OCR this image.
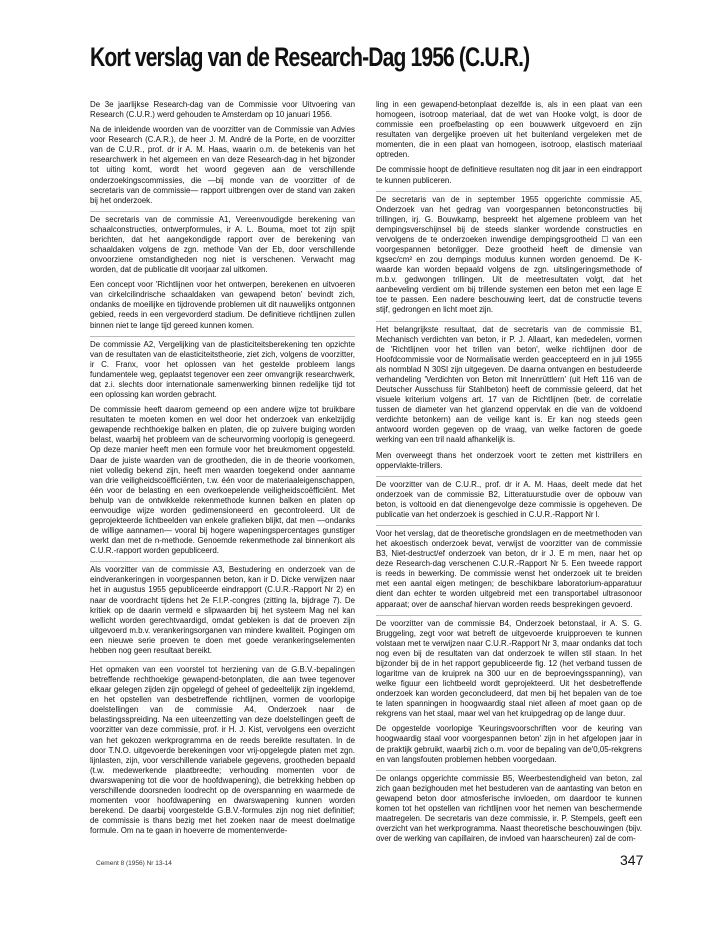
Kort verslag van de Research-Dag 1956 (C.U.R.)

De 3e jaarlijkse Research-dag van de Commissie voor Uitvoering van Research (C.U.R.) werd gehouden te Amsterdam op 10 januari 1956.

Na de inleidende woorden van de voorzitter van de Commissie van Advies voor Research (C.A.R.), de heer J. M. André de la Porte, en de voorzitter van de C.U.R., prof. dr ir A. M. Haas, waarin o.m. de betekenis van het researchwerk in het algemeen en van deze Research-dag in het bijzonder tot uiting komt, wordt het woord gegeven aan de verschillende onderzoekingscommissies, die —bij monde van de voorzitter of de secretaris van de commissie— rapport uitbrengen over de stand van zaken bij het onderzoek.

De secretaris van de commissie A1, Vereenvoudigde berekening van schaalconstructies, ontwerpformules, ir A. L. Bouma, moet tot zijn spijt berichten, dat het aangekondigde rapport over de berekening van schaaldaken volgens de zgn. methode Van der Eb, door verschillende onvoorziene omstandigheden nog niet is verschenen. Verwacht mag worden, dat de publicatie dit voorjaar zal uitkomen.

Een concept voor 'Richtlijnen voor het ontwerpen, berekenen en uitvoeren van cirkelcilindrische schaaldaken van gewapend beton' bevindt zich, ondanks de moeilijke en tijdrovende problemen uit dit nauwelijks ontgonnen gebied, reeds in een vergevorderd stadium. De definitieve richtlijnen zullen binnen niet te lange tijd gereed kunnen komen.

De commissie A2, Vergelijking van de plasticiteitsberekening ten opzichte van de resultaten van de elasticiteitstheorie, ziet zich, volgens de voorzitter, ir C. Franx, voor het oplossen van het gestelde probleem langs fundamentele weg, geplaatst tegenover een zeer omvangrijk researchwerk, dat z.i. slechts door internationale samenwerking binnen redelijke tijd tot een oplossing kan worden gebracht.

De commissie heeft daarom gemeend op een andere wijze tot bruikbare resultaten te moeten komen en wel door het onderzoek van enkelzijdig gewapende rechthoekige balken en platen, die op zuivere buiging worden belast, waarbij het probleem van de scheurvorming voorlopig is genegeerd. Op deze manier heeft men een formule voor het breukmoment opgesteld. Daar de juiste waarden van de grootheden, die in de theorie voorkomen, niet volledig bekend zijn, heeft men waarden toegekend onder aanname van drie veiligheidscoëfficiënten, t.w. één voor de materiaaleigenschappen, één voor de belasting en een overkoepelende veiligheidscoëfficiënt. Met behulp van de ontwikkelde rekenmethode kunnen balken en platen op eenvoudige wijze worden gedimensioneerd en gecontroleerd. Uit de geprojekteerde lichtbeelden van enkele grafieken blijkt, dat men —ondanks de willige aannamen— vooral bij hogere wapeningspercentages gunstiger werkt dan met de n-methode. Genoemde rekenmethode zal binnenkort als C.U.R.-rapport worden gepubliceerd.

Als voorzitter van de commissie A3, Bestudering en onderzoek van de eindverankeringen in voorgespannen beton, kan ir D. Dicke verwijzen naar het in augustus 1955 gepubliceerde eindrapport (C.U.R.-Rapport Nr 2) en naar de voordracht tijdens het 2e F.I.P.-congres (zitting Ia, bijdrage 7). De kritiek op de daarin vermeld e slipwaarden bij het systeem Mag nel kan wellicht worden gerechtvaardigd, omdat gebleken is dat de proeven zijn uitgevoerd m.b.v. verankeringsorganen van mindere kwaliteit. Pogingen om een nieuwe serie proeven te doen met goede verankeringselementen hebben nog geen resultaat bereikt.

Het opmaken van een voorstel tot herziening van de G.B.V.-bepalingen betreffende rechthoekige gewapend-betonplaten, die aan twee tegenover elkaar gelegen zijden zijn opgelegd of geheel of gedeeltelijk zijn ingeklemd, en het opstellen van desbetreffende richtlijnen, vormen de voorlopige doelstellingen van de commissie A4, Onderzoek naar de belastingsspreiding. Na een uiteenzetting van deze doelstellingen geeft de voorzitter van deze commissie, prof. ir H. J. Kist, vervolgens een overzicht van het gekozen werkprogramma en de reeds bereikte resultaten. In de door T.N.O. uitgevoerde berekeningen voor vrij-opgelegde platen met zgn. lijnlasten, zijn, voor verschillende variabele gegevens, grootheden bepaald (t.w. medewerkende plaatbreedte; verhouding momenten voor de dwarswapening tot die voor de hoofdwapening), die betrekking hebben op verschillende doorsneden loodrecht op de overspanning en waarmede de momenten voor hoofdwapening en dwarswapening kunnen worden berekend. De daarbij voorgestelde G.B.V.-formules zijn nog niet definitief; de commissie is thans bezig met het zoeken naar de meest doelmatige formule. Om na te gaan in hoeverre de momentenverde-

ling in een gewapend-betonplaat dezelfde is, als in een plaat van een homogeen, isotroop materiaal, dat de wet van Hooke volgt, is door de commissie een proefbelasting op een bouwwerk uitgevoerd en zijn resultaten van dergelijke proeven uit het buitenland vergeleken met de momenten, die in een plaat van homogeen, isotroop, elastisch materiaal optreden.

De commissie hoopt de definitieve resultaten nog dit jaar in een eindrapport te kunnen publiceren.

De secretaris van de in september 1955 opgerichte commissie A5, Onderzoek van het gedrag van voorgespannen betonconstructies bij trillingen, irj. G. Bouwkamp, bespreekt het algemene probleem van het dempingsverschijnsel bij de steeds slanker wordende constructies en vervolgens de te onderzoeken inwendige dempingsgrootheid ☐ van een voorgespannen betonligger. Deze grootheid heeft de dimensie van kgsec/cm² en zou dempings modulus kunnen worden genoemd. De K-waarde kan worden bepaald volgens de zgn. uitslingeringsmethode of m.b.v. gedwongen trillingen. Uit de meetresultaten volgt, dat het aanbeveling verdient om bij trillende systemen een beton met een lage E toe te passen. Een nadere beschouwing leert, dat de constructie tevens stijf, gedrongen en licht moet zijn.

Het belangrijkste resultaat, dat de secretaris van de commissie B1, Mechanisch verdichten van beton, ir P. J. Allaart, kan mededelen, vormen de 'Richtlijnen voor het trillen van beton', welke richtlijnen door de Hoofdcommissie voor de Normalisatie werden geaccepteerd en in juli 1955 als normblad N 30SI zijn uitgegeven. De daarna ontvangen en bestudeerde verhandeling 'Verdichten von Beton mit Innenrüttlern' (uit Heft 116 van de Deutscher Ausschuss für Stahlbeton) heeft de commissie geleerd, dat het visuele kriterium volgens art. 17 van de Richtlijnen (betr. de correlatie tussen de diameter van het glanzend oppervlak en die van de voldoend verdichte betonkern) aan de veilige kant is. Er kan nog steeds geen antwoord worden gegeven op de vraag, van welke factoren de goede werking van een tril naald afhankelijk is.

Men overweegt thans het onderzoek voort te zetten met kisttrillers en oppervlakte-trillers.

De voorzitter van de C.U.R., prof. dr ir A. M. Haas, deelt mede dat het onderzoek van de commissie B2, Litteratuurstudie over de opbouw van beton, is voltooid en dat dienengevolge deze commissie is opgeheven. De publicatie van het onderzoek is geschied in C.U.R.-Rapport Nr l.

Voor het verslag, dat de theoretische grondslagen en de meetmethoden van het akoestisch onderzoek bevat, verwijst de voorzitter van de commissie B3, Niet-destruct/ef onderzoek van beton, dr ir J. E m men, naar het op deze Research-dag verschenen C.U.R.-Rapport Nr 5. Een tweede rapport is reeds in bewerking. De commissie wenst het onderzoek uit te breiden met een aantal eigen metingen; de beschikbare laboratorium-apparatuur dient dan echter te worden uitgebreid met een transportabel ultrasonoor apparaat; over de aanschaf hiervan worden reeds besprekingen gevoerd.

De voorzitter van de commissie B4, Onderzoek betonstaal, ir A. S. G. Bruggeling, zegt voor wat betreft de uitgevoerde kruipproeven te kunnen volstaan met te verwijzen naar C.U.R.-Rapport Nr 3, maar ondanks dat toch nog even bij de resultaten van dat onderzoek te willen stil staan. In het bijzonder bij de in het rapport gepubliceerde fig. 12 (het verband tussen de logaritme van de kruiprek na 300 uur en de beproevingsspanning), van welke figuur een lichtbeeld wordt geprojekteerd. Uit het desbetreffende onderzoek kan worden geconcludeerd, dat men bij het bepalen van de toe te laten spanningen in hoogwaardig staal niet alleen af moet gaan op de rekgrens van het staal, maar wel van het kruipgedrag op de lange duur.

De opgestelde voorlopige 'Keuringsvoorschriften voor de keuring van hoogwaardig staal voor voorgespannen beton' zijn in het afgelopen jaar in de praktijk gebruikt, waarbij zich o.m. voor de bepaling van de'0,05-rekgrens en van langsfouten problemen hebben voorgedaan.

De onlangs opgerichte commissie B5, Weerbestendigheid van beton, zal zich gaan bezighouden met het bestuderen van de aantasting van beton en gewapend beton door atmosferische invloeden, om daardoor te kunnen komen tot het opstellen van richtlijnen voor het nemen van beschermende maatregelen. De secretaris van deze commissie, ir. P. Stempels, geeft een overzicht van het werkprogramma. Naast theoretische beschouwingen (bijv. over de werking van capillairen, de invloed van haarscheuren) zal de com-

Cement 8 (1956) Nr 13-14	347
